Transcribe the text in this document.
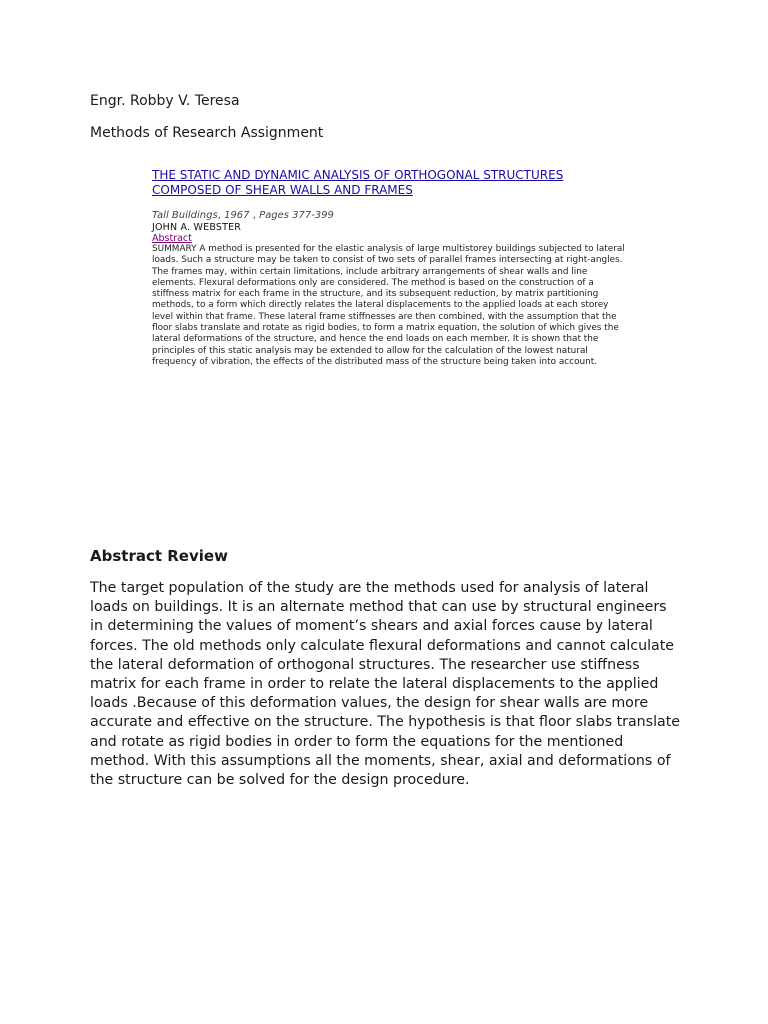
Engr. Robby V. Teresa

Methods of Research Assignment

THE STATIC AND DYNAMIC ANALYSIS OF ORTHOGONAL STRUCTURES COMPOSED OF SHEAR WALLS AND FRAMES
Tall Buildings, 1967 , Pages 377-399

JOHN A. WEBSTER

Abstract

SUMMARY A method is presented for the elastic analysis of large multistorey buildings subjected to lateral loads. Such a structure may be taken to consist of two sets of parallel frames intersecting at right-angles. The frames may, within certain limitations, include arbitrary arrangements of shear walls and line elements. Flexural deformations only are considered. The method is based on the construction of a stiffness matrix for each frame in the structure, and its subsequent reduction, by matrix partitioning methods, to a form which directly relates the lateral displacements to the applied loads at each storey level within that frame. These lateral frame stiffnesses are then combined, with the assumption that the floor slabs translate and rotate as rigid bodies, to form a matrix equation, the solution of which gives the lateral deformations of the structure, and hence the end loads on each member. It is shown that the principles of this static analysis may be extended to allow for the calculation of the lowest natural frequency of vibration, the effects of the distributed mass of the structure being taken into account.

Abstract Review

The target population of the study are the methods used for analysis of lateral loads on buildings. It is an alternate method that can use by structural engineers in determining the values of moment’s shears and axial forces cause by lateral forces. The old methods only calculate flexural deformations and cannot calculate the lateral deformation of orthogonal structures. The researcher use stiffness matrix for each frame in order to relate the lateral displacements to the applied loads .Because of this deformation values, the design for shear walls are more accurate and effective on the structure. The hypothesis is that floor slabs translate and rotate as rigid bodies in order to form the equations for the mentioned method. With this assumptions all the moments, shear, axial and deformations of the structure can be solved for the design procedure.
